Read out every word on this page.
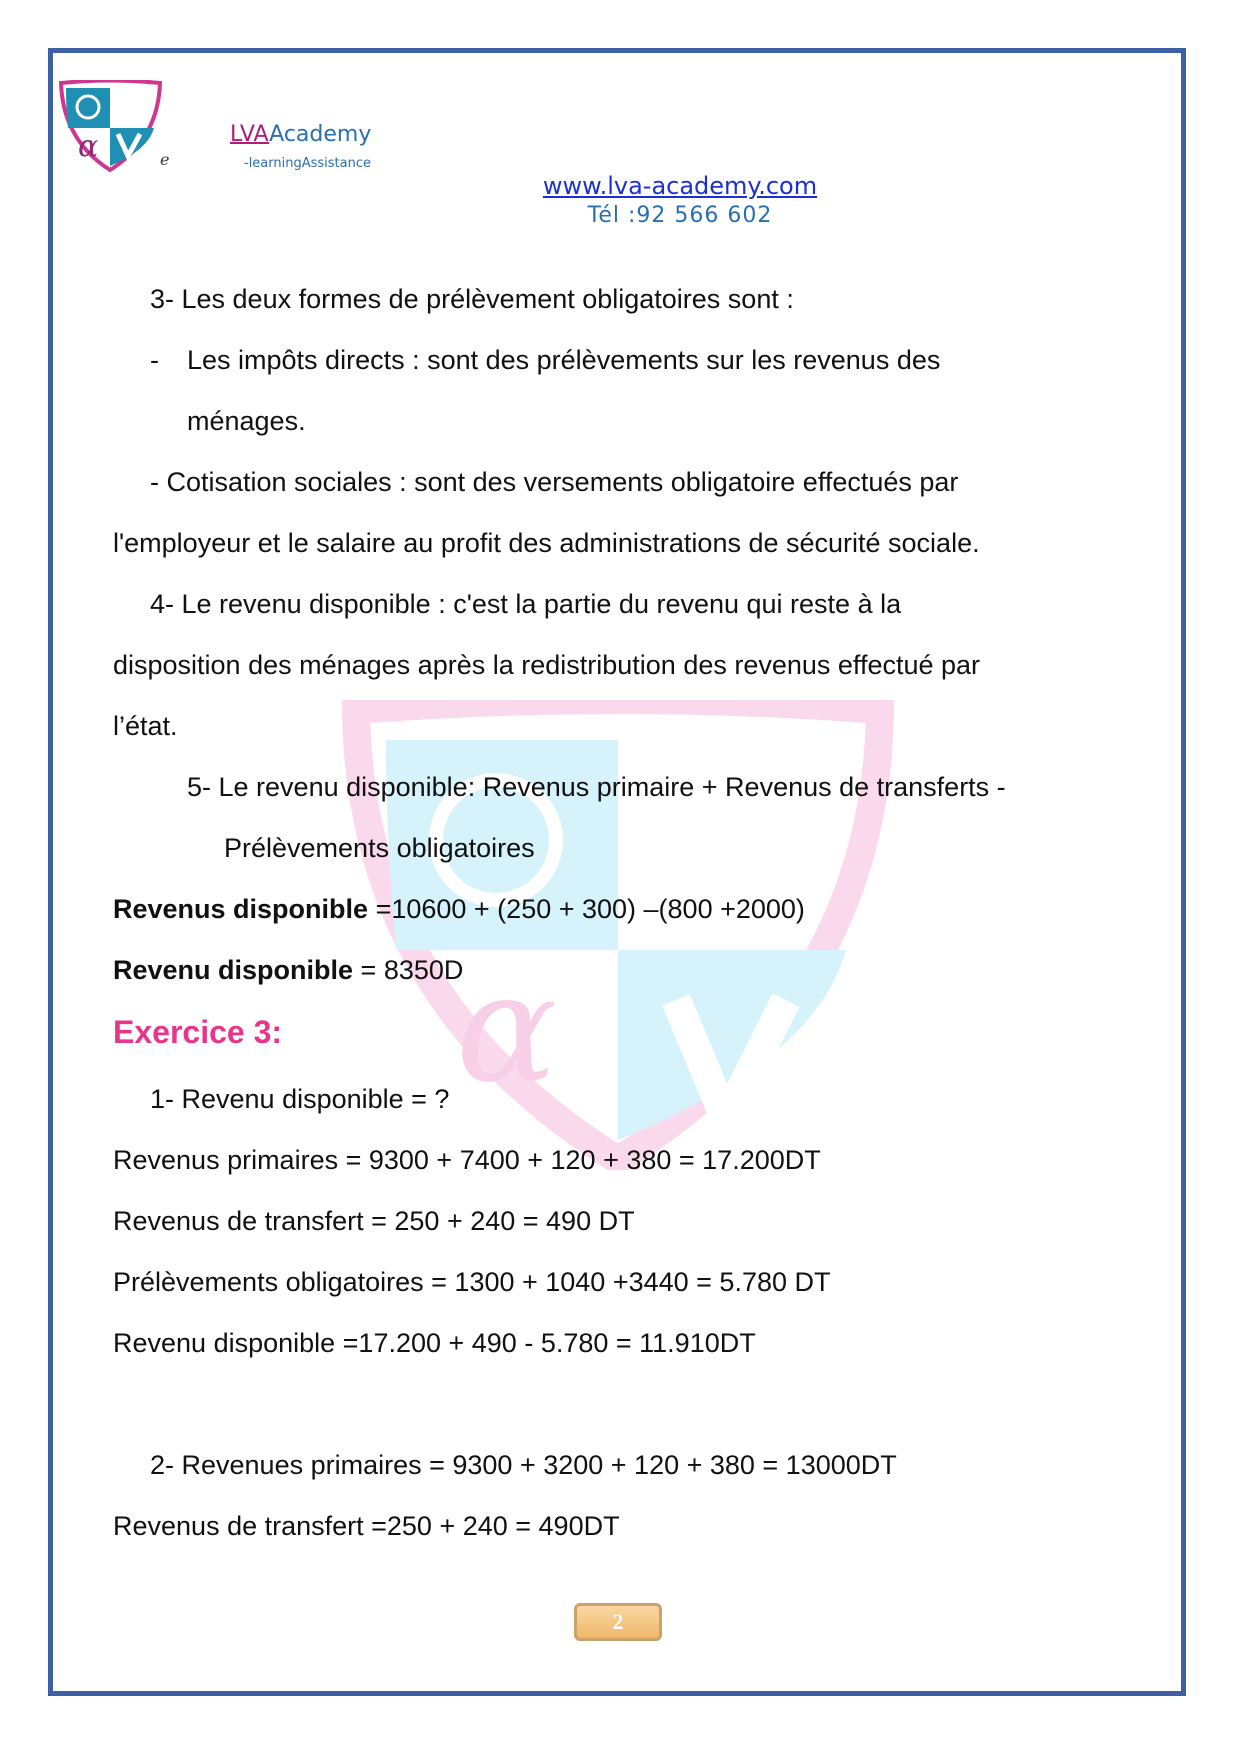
α
α	e
LVAAcademy
-learningAssistance
www.lva-academy.com
Tél :92 566 602
3- Les deux formes de prélèvement obligatoires sont :
- Les impôts directs : sont des prélèvements sur les revenus des
ménages.
- Cotisation sociales : sont des versements obligatoire effectués par
l'employeur et le salaire au profit des administrations de sécurité sociale.
4- Le revenu disponible : c'est la partie du revenu qui reste à la
disposition des ménages après la redistribution des revenus effectué par
l’état.
5- Le revenu disponible: Revenus primaire + Revenus de transferts -
Prélèvements obligatoires
Revenus disponible =10600 + (250 + 300) –(800 +2000)
Revenu disponible = 8350D
Exercice 3:
1- Revenu disponible = ?
Revenus primaires = 9300 + 7400 + 120 + 380 = 17.200DT
Revenus de transfert = 250 + 240 = 490 DT
Prélèvements obligatoires = 1300 + 1040 +3440 = 5.780 DT
Revenu disponible =17.200 + 490 - 5.780 = 11.910DT
2- Revenues primaires = 9300 + 3200 + 120 + 380 = 13000DT
Revenus de transfert =250 + 240 = 490DT
2
